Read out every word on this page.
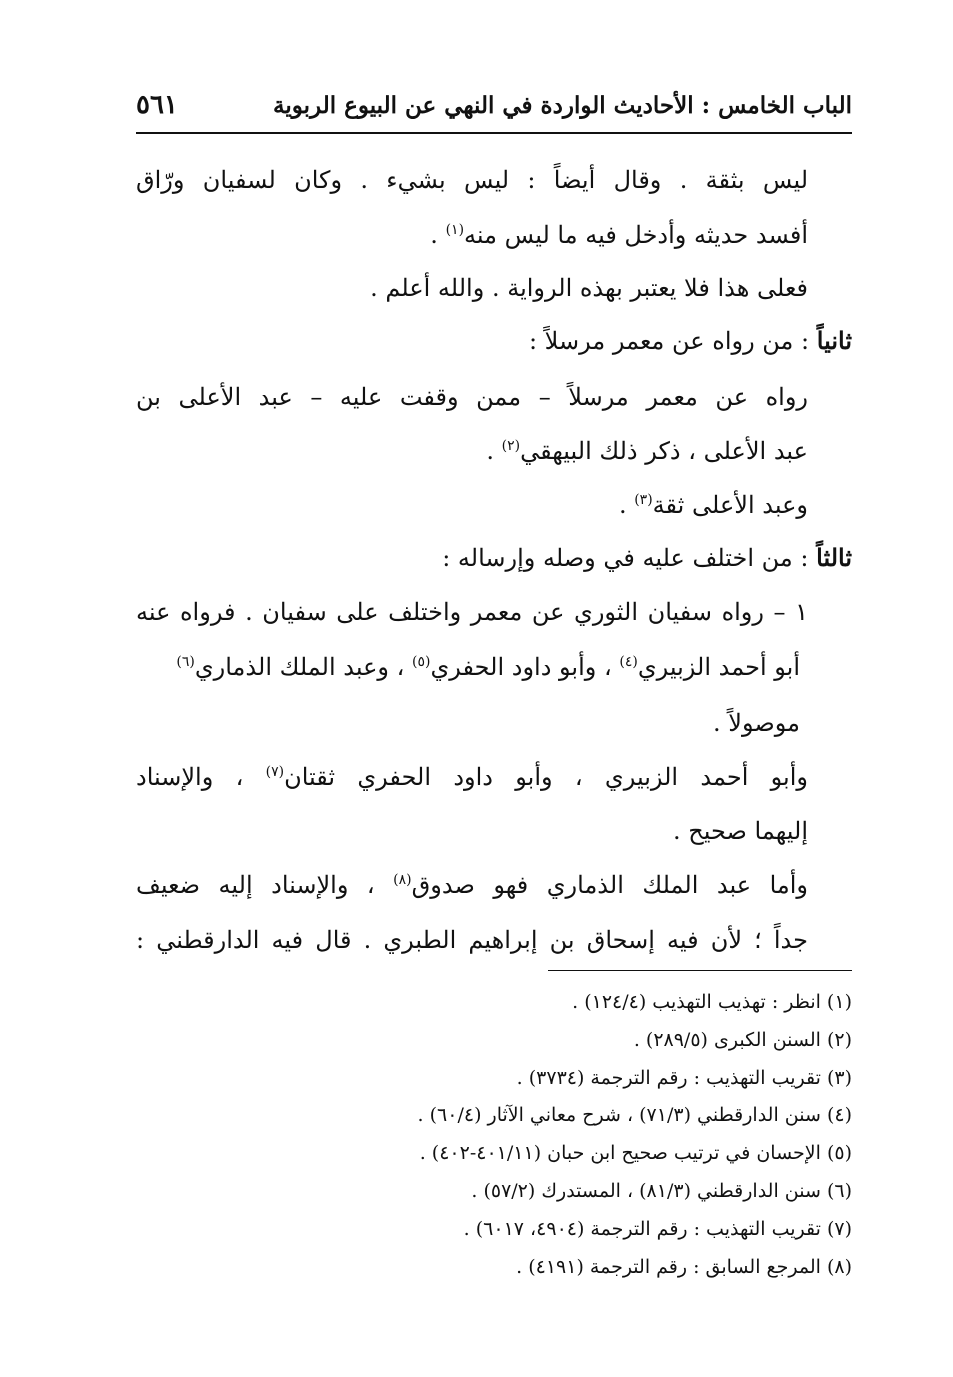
الباب الخامس : الأحاديث الواردة في النهي عن البيوع الربوية
٥٦١
ليس بثقة . وقال أيضاً : ليس بشيء . وكان لسفيان ورّاق
أفسد حديثه وأدخل فيه ما ليس منه$^{(١)}$ .
فعلى هذا فلا يعتبر بهذه الرواية . والله أعلم .
ثانياً : من رواه عن معمر مرسلاً :
رواه عن معمر مرسلاً – ممن وقفت عليه – عبد الأعلى بن
عبد الأعلى ، ذكر ذلك البيهقي$^{(٢)}$ .
وعبد الأعلى ثقة$^{(٣)}$ .
ثالثاً : من اختلف عليه في وصله وإرساله :
١ – رواه سفيان الثوري عن معمر واختلف على سفيان . فرواه عنه
أبو أحمد الزبيري$^{(٤)}$ ، وأبو داود الحفري$^{(٥)}$ ، وعبد الملك الذماري$^{(٦)}$
موصولاً .
وأبو أحمد الزبيري ، وأبو داود الحفري ثقتان$^{(٧)}$ ، والإسناد
إليهما صحيح .
وأما عبد الملك الذماري فهو صدوق$^{(٨)}$ ، والإسناد إليه ضعيف
جداً ؛ لأن فيه إسحاق بن إبراهيم الطبري . قال فيه الدارقطني :
(١) انظر : تهذيب التهذيب (١٢٤/٤) .
(٢) السنن الكبرى (٢٨٩/٥) .
(٣) تقريب التهذيب : رقم الترجمة (٣٧٣٤) .
(٤) سنن الدارقطني (٧١/٣) ، شرح معاني الآثار (٦٠/٤) .
(٥) الإحسان في ترتيب صحيح ابن حبان (٤٠١/١١-٤٠٢) .
(٦) سنن الدارقطني (٨١/٣) ، المستدرك (٥٧/٢) .
(٧) تقريب التهذيب : رقم الترجمة (٤٩٠٤، ٦٠١٧) .
(٨) المرجع السابق : رقم الترجمة (٤١٩١) .
